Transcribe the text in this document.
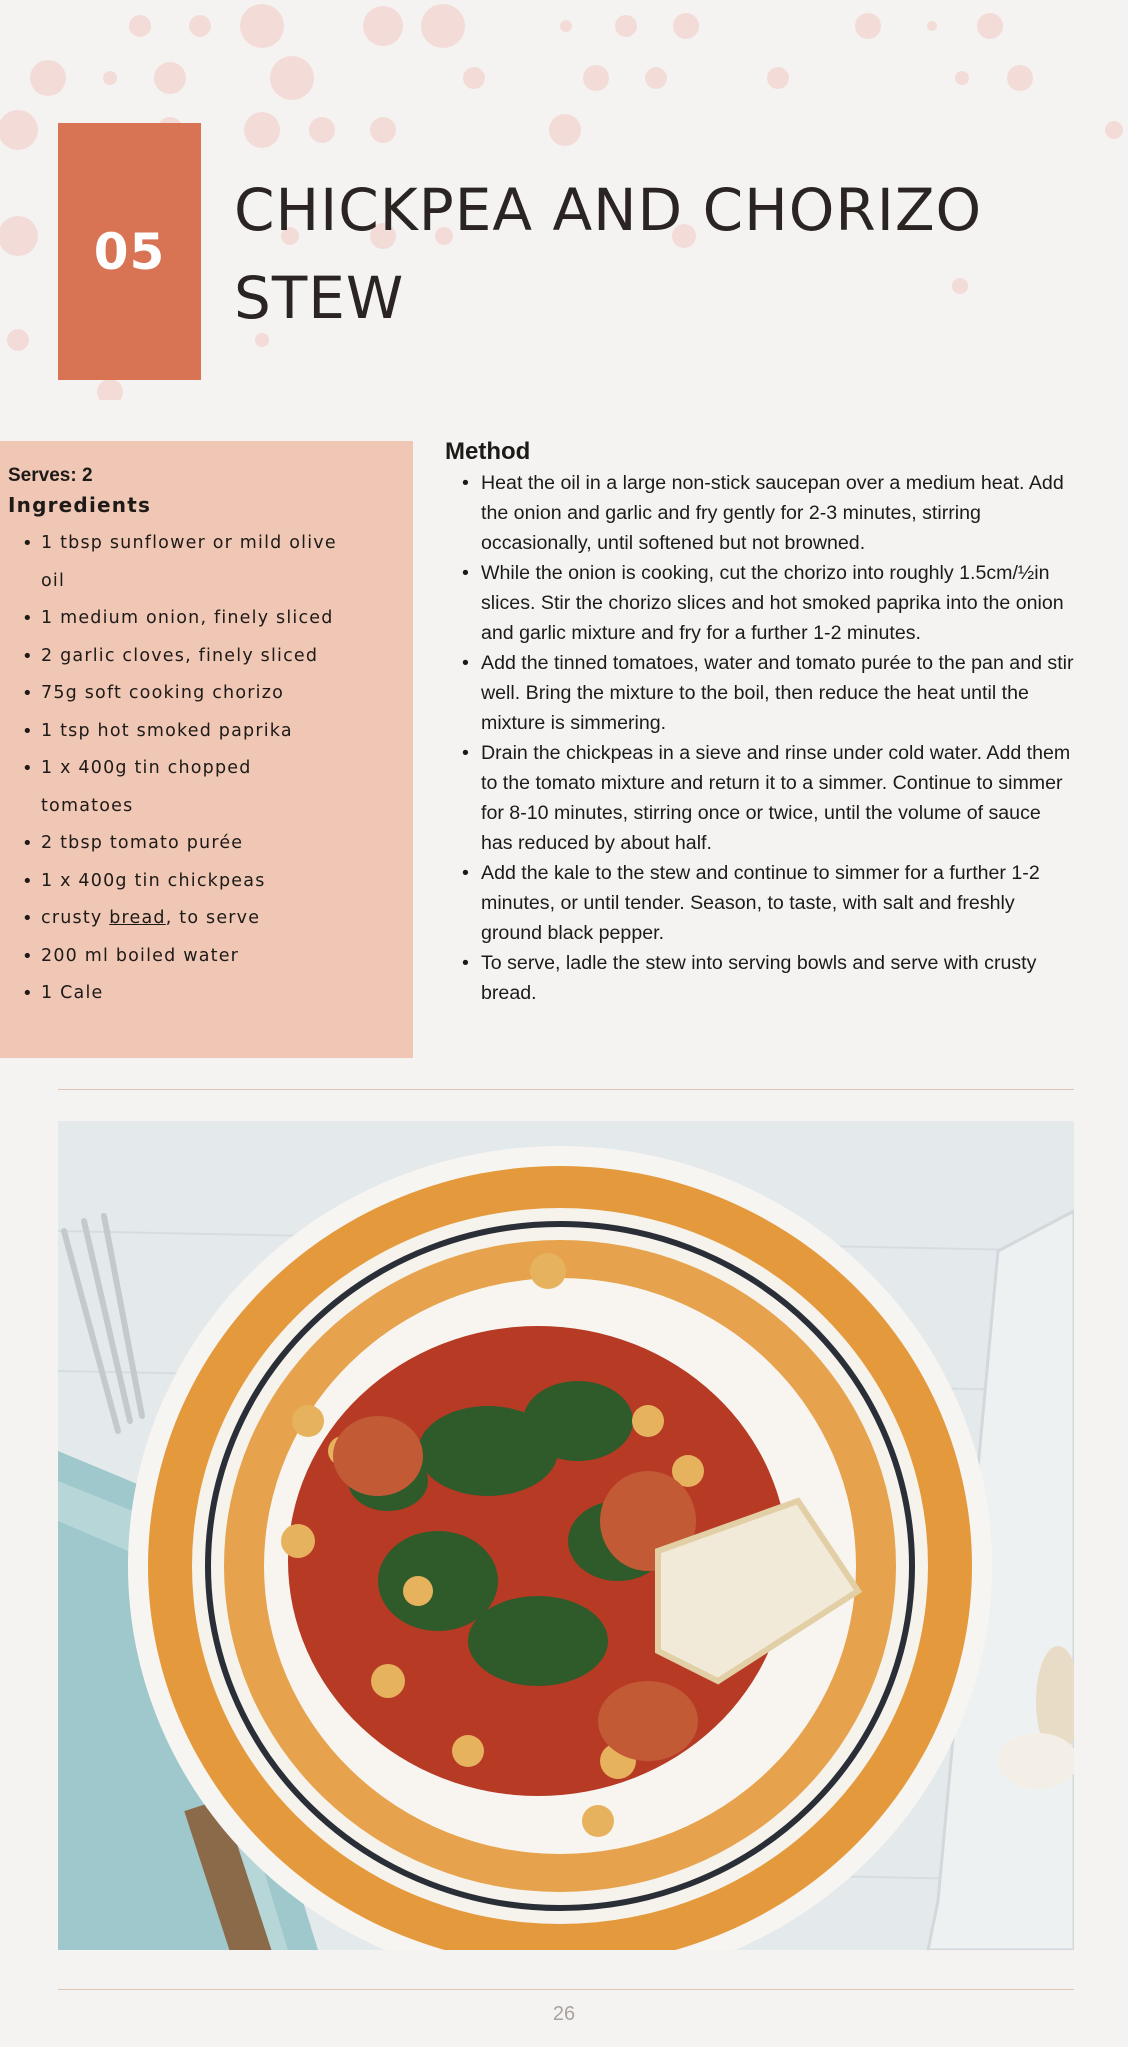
05
CHICKPEA AND CHORIZO STEW

Serves: 2

Ingredients

• 1 tbsp sunflower or mild olive oil
• 1 medium onion, finely sliced
• 2 garlic cloves, finely sliced
• 75g soft cooking chorizo
• 1 tsp hot smoked paprika
• 1 x 400g tin chopped tomatoes
• 2 tbsp tomato purée
• 1 x 400g tin chickpeas
• crusty bread, to serve
• 200 ml boiled water
• 1 Cale
Method
• Heat the oil in a large non-stick saucepan over a medium heat. Add the onion and garlic and fry gently for 2-3 minutes, stirring occasionally, until softened but not browned.
• While the onion is cooking, cut the chorizo into roughly 1.5cm/½in slices. Stir the chorizo slices and hot smoked paprika into the onion and garlic mixture and fry for a further 1-2 minutes.
• Add the tinned tomatoes, water and tomato purée to the pan and stir well. Bring the mixture to the boil, then reduce the heat until the mixture is simmering.
• Drain the chickpeas in a sieve and rinse under cold water. Add them to the tomato mixture and return it to a simmer. Continue to simmer for 8-10 minutes, stirring once or twice, until the volume of sauce has reduced by about half.
• Add the kale to the stew and continue to simmer for a further 1-2 minutes, or until tender. Season, to taste, with salt and freshly ground black pepper.
• To serve, ladle the stew into serving bowls and serve with crusty bread.
26
